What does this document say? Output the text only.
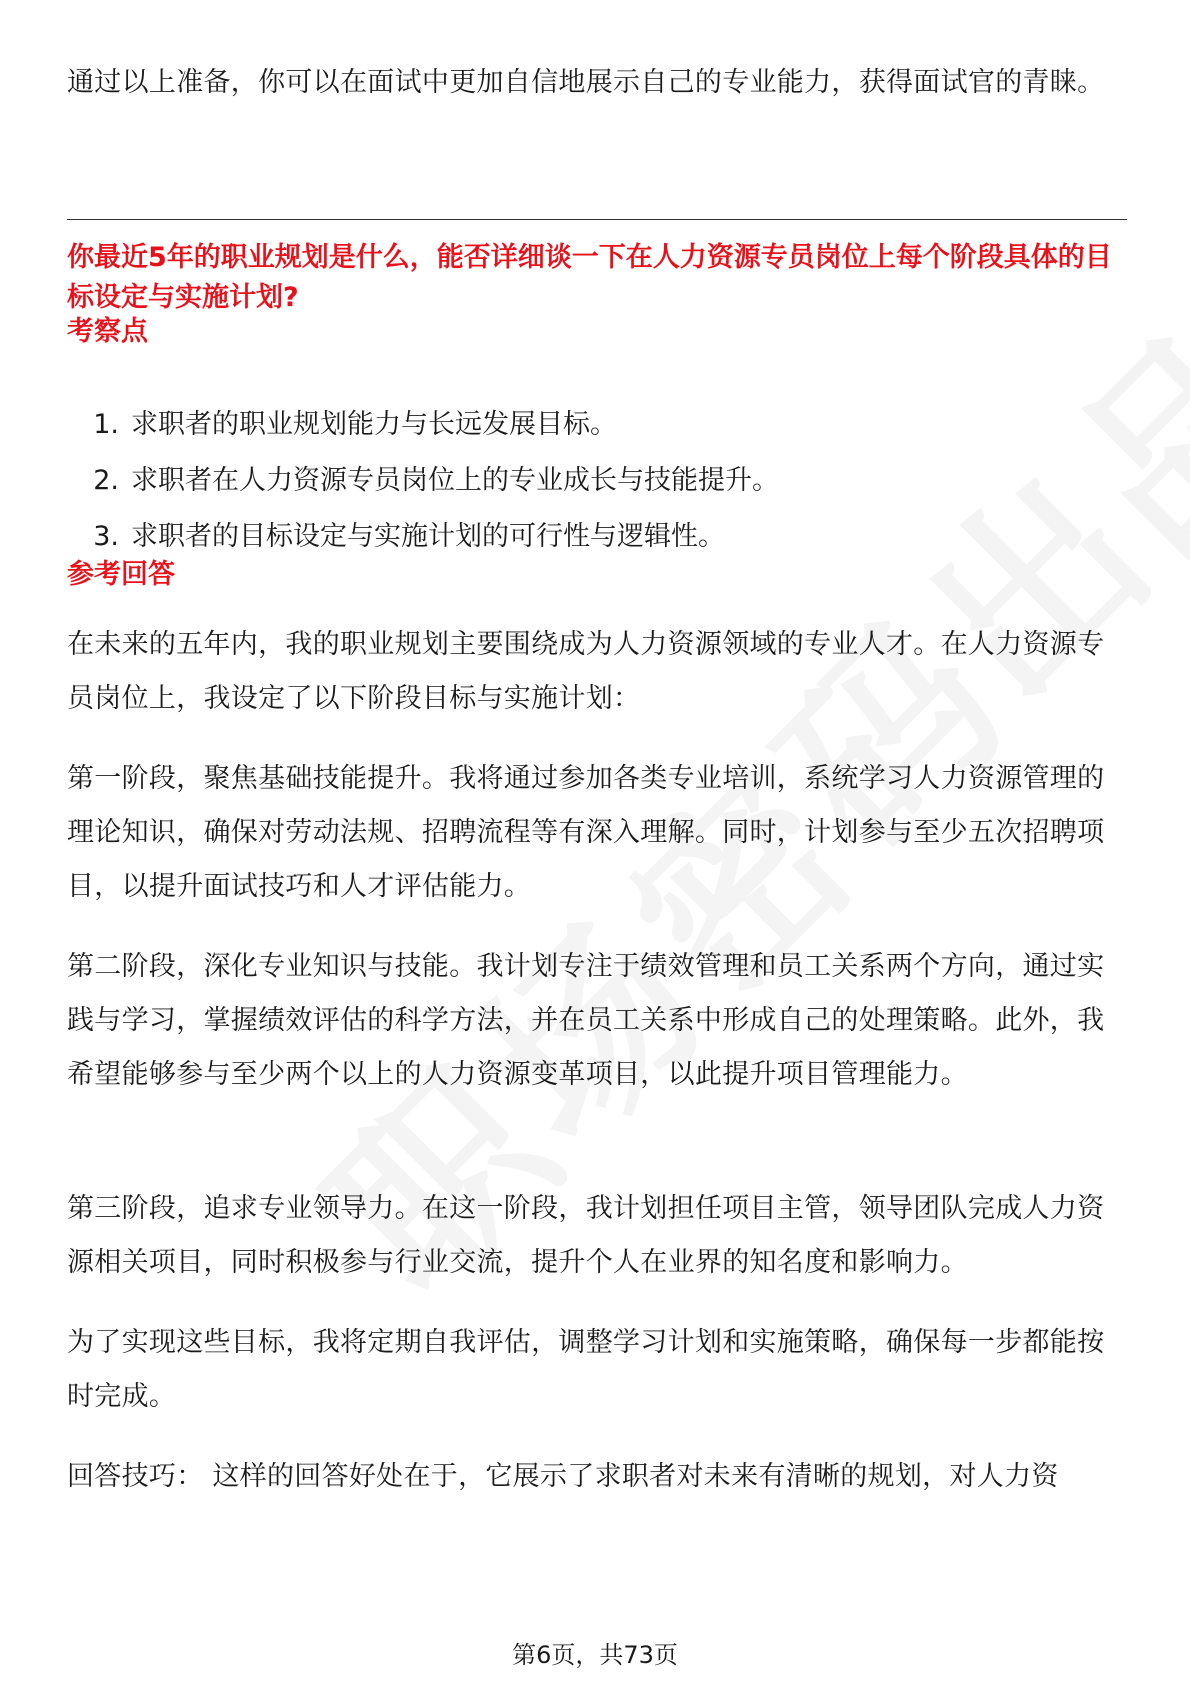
通过以上准备，你可以在面试中更加自信地展示自己的专业能力，获得面试官的青睐。

你最近5年的职业规划是什么，能否详细谈一下在人力资源专员岗位上每个阶段具体的目标设定与实施计划?
考察点
1. 求职者的职业规划能力与长远发展目标。
2. 求职者在人力资源专员岗位上的专业成长与技能提升。
3. 求职者的目标设定与实施计划的可行性与逻辑性。
参考回答

在未来的五年内，我的职业规划主要围绕成为人力资源领域的专业人才。在人力资源专员岗位上，我设定了以下阶段目标与实施计划：

第一阶段，聚焦基础技能提升。我将通过参加各类专业培训，系统学习人力资源管理的理论知识，确保对劳动法规、招聘流程等有深入理解。同时，计划参与至少五次招聘项目，以提升面试技巧和人才评估能力。

第二阶段，深化专业知识与技能。我计划专注于绩效管理和员工关系两个方向，通过实践与学习，掌握绩效评估的科学方法，并在员工关系中形成自己的处理策略。此外，我希望能够参与至少两个以上的人力资源变革项目，以此提升项目管理能力。

第三阶段，追求专业领导力。在这一阶段，我计划担任项目主管，领导团队完成人力资源相关项目，同时积极参与行业交流，提升个人在业界的知名度和影响力。

为了实现这些目标，我将定期自我评估，调整学习计划和实施策略，确保每一步都能按时完成。

回答技巧： 这样的回答好处在于，它展示了求职者对未来有清晰的规划，对人力资

第6页，共73页
